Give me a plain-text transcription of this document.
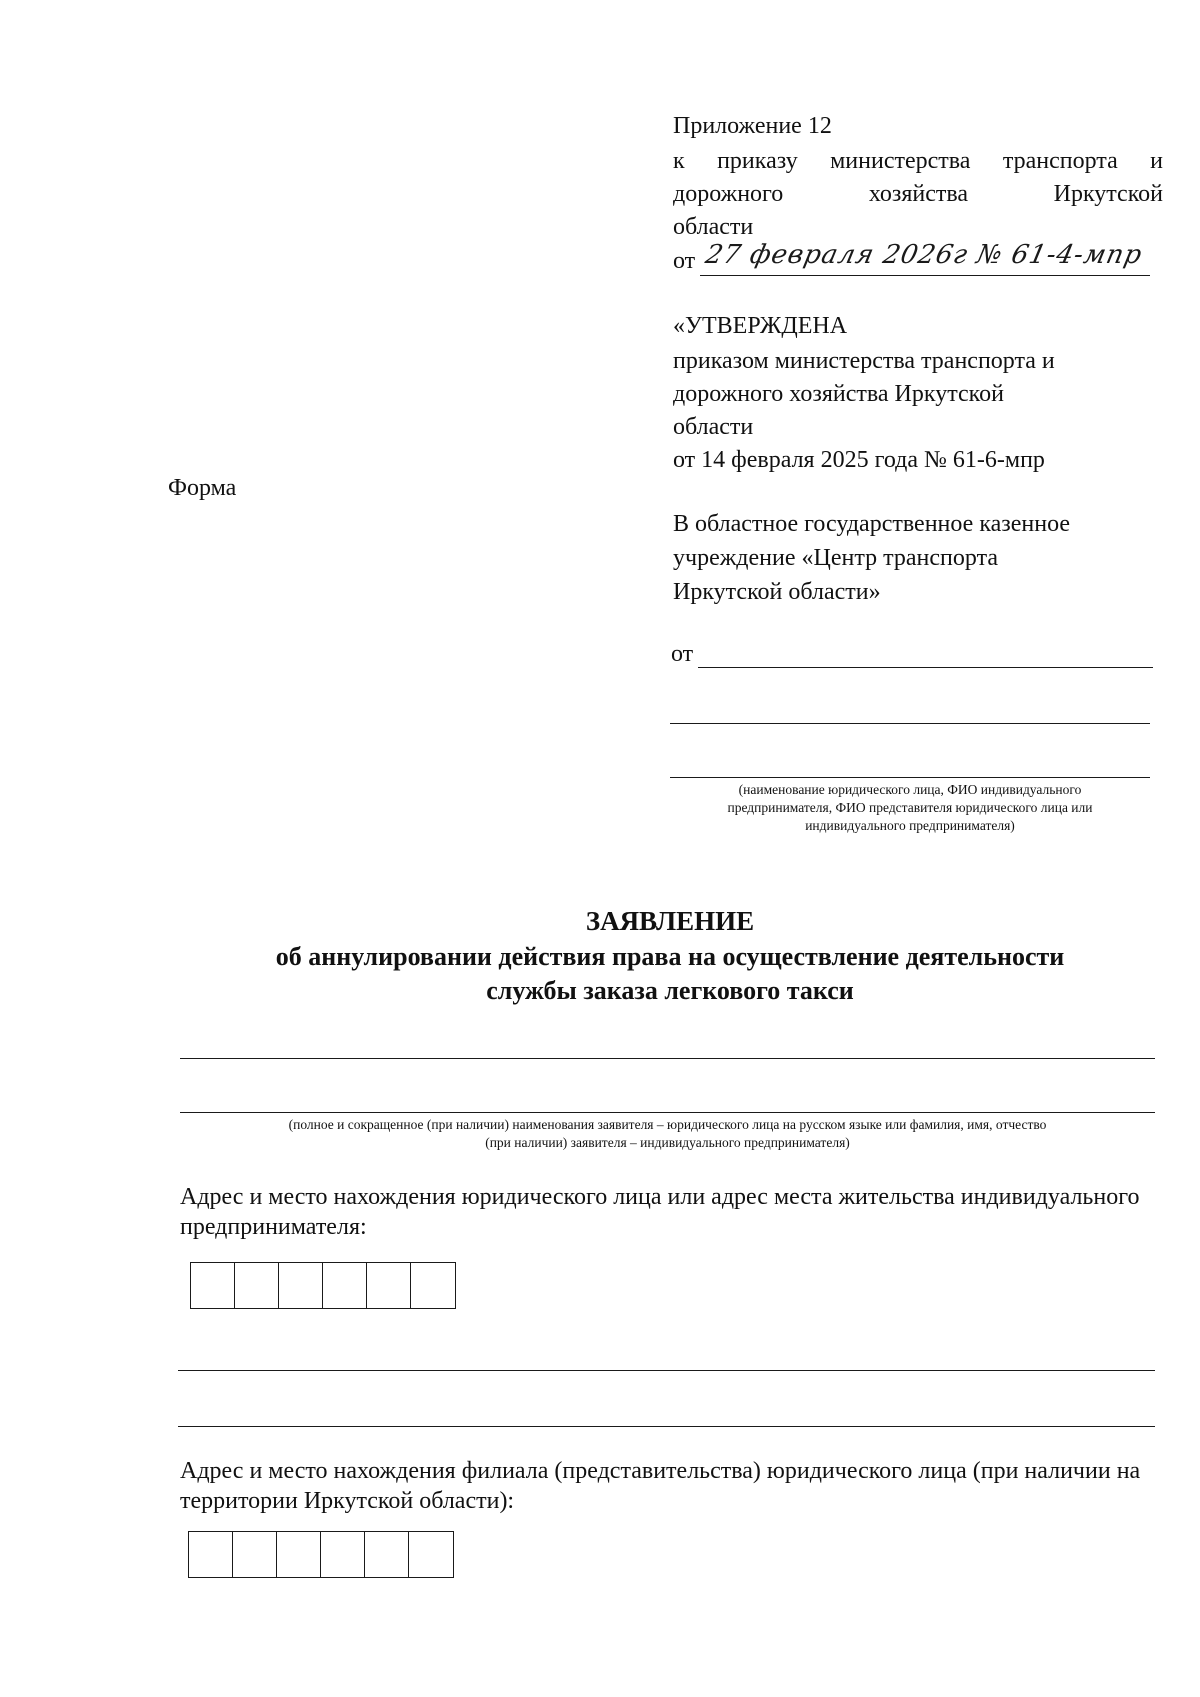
Приложение 12
к приказу министерства транспорта и
дорожного	хозяйства	Иркутской
области
от 27 февраля 2026г № 61-4-мпр
«УТВЕРЖДЕНА
приказом министерства транспорта и
дорожного хозяйства Иркутской
области
от 14 февраля 2025 года № 61-6-мпр
Форма
В областное государственное казенное
учреждение «Центр транспорта
Иркутской области»
от
(наименование юридического лица, ФИО индивидуального
предпринимателя, ФИО представителя юридического лица или
индивидуального предпринимателя)
ЗАЯВЛЕНИЕ
об аннулировании действия права на осуществление деятельности
службы заказа легкового такси
(полное и сокращенное (при наличии) наименования заявителя – юридического лица на русском языке или фамилия, имя, отчество
(при наличии) заявителя – индивидуального предпринимателя)
Адрес и место нахождения юридического лица или адрес места жительства индивидуального
предпринимателя:
Адрес и место нахождения филиала (представительства) юридического лица (при наличии на
территории Иркутской области):
